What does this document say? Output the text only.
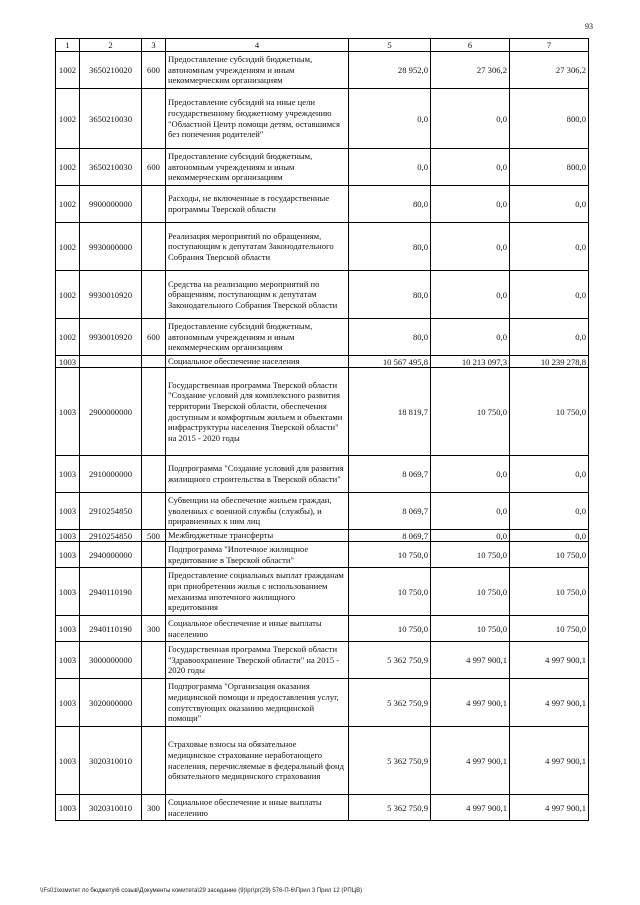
93
1	2	3	4	5	6	7
1002	3650210020	600	Предоставление субсидий бюджетным, автономным учреждениям и иным некоммерческим организациям	28 952,0	27 306,2	27 306,2
1002	3650210030		Предоставление субсидий на иные цели государственному бюджетному учреждению "Областной Центр помощи детям, оставшимся без попечения родителей"	0,0	0,0	800,0
1002	3650210030	600	Предоставление субсидий бюджетным, автономным учреждениям и иным некоммерческим организациям	0,0	0,0	800,0
1002	9900000000		Расходы, не включенные в государственные программы Тверской области	80,0	0,0	0,0
1002	9930000000		Реализация мероприятий по обращениям, поступающим к депутатам Законодательного Собрания Тверской области	80,0	0,0	0,0
1002	9930010920		Средства на реализацию мероприятий по обращениям, поступающим к депутатам Законодательного Собрания Тверской области	80,0	0,0	0,0
1002	9930010920	600	Предоставление субсидий бюджетным, автономным учреждениям и иным некоммерческим организациям	80,0	0,0	0,0
1003			Социальное обеспечение населения	10 567 495,8	10 213 097,3	10 239 278,8
1003	2900000000		Государственная программа Тверской области "Создание условий для комплексного развития территории Тверской области, обеспечения доступным и комфортным жильем и объектами инфраструктуры населения Тверской области" на 2015 - 2020 годы	18 819,7	10 750,0	10 750,0
1003	2910000000		Подпрограмма "Создание условий для развития жилищного строительства в Тверской области"	8 069,7	0,0	0,0
1003	2910254850		Субвенции на обеспечение жильем граждан, уволенных с военной службы (службы), и приравненных к ним лиц	8 069,7	0,0	0,0
1003	2910254850	500	Межбюджетные трансферты	8 069,7	0,0	0,0
1003	2940000000		Подпрограмма "Ипотечное жилищное кредитование в Тверской области"	10 750,0	10 750,0	10 750,0
1003	2940110190		Предоставление социальных выплат гражданам при приобретении жилья с использованием механизма ипотечного жилищного кредитования	10 750,0	10 750,0	10 750,0
1003	2940110190	300	Социальное обеспечение и иные выплаты населению	10 750,0	10 750,0	10 750,0
1003	3000000000		Государственная программа Тверской области "Здравоохранение Тверской области" на 2015 - 2020 годы	5 362 750,9	4 997 900,1	4 997 900,1
1003	3020000000		Подпрограмма "Организация оказания медицинской помощи и предоставления услуг, сопутствующих оказанию медицинской помощи"	5 362 750,9	4 997 900,1	4 997 900,1
1003	3020310010		Страховые взносы на обязательное медицинское страхование неработающего населения, перечисляемые в федеральный фонд обязательного медицинского страхования	5 362 750,9	4 997 900,1	4 997 900,1
1003	3020310010	300	Социальное обеспечение и иные выплаты населению	5 362 750,9	4 997 900,1	4 997 900,1
\\Fs01\комитет по бюджету\6 созыв\Документы комитета\29 заседание (9)\рг\рг(29) 576-П-6\Прил 3 Прил 12 (РПЦВ)
